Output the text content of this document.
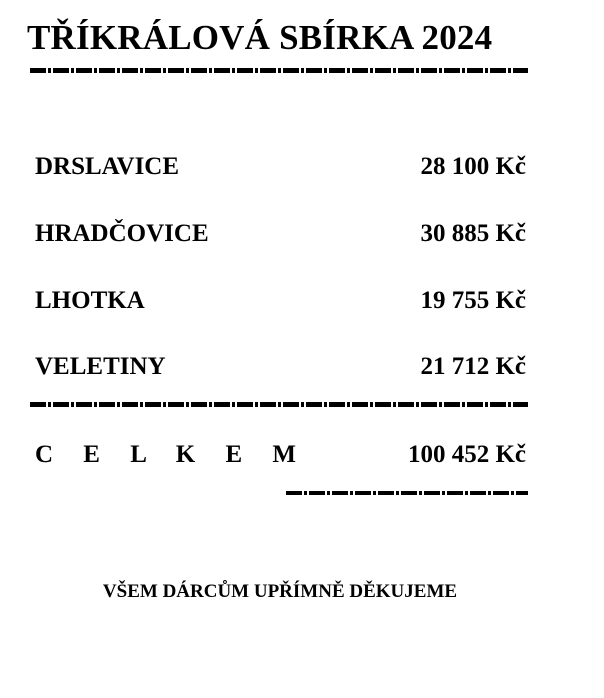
TŘÍKRÁLOVÁ SBÍRKA 2024
DRSLAVICE	28 100 Kč
HRADČOVICE	30 885 Kč
LHOTKA	19 755 Kč
VELETINY	21 712 Kč
C E L K E M	100 452 Kč
VŠEM DÁRCŮM UPŘÍMNĚ DĚKUJEME
